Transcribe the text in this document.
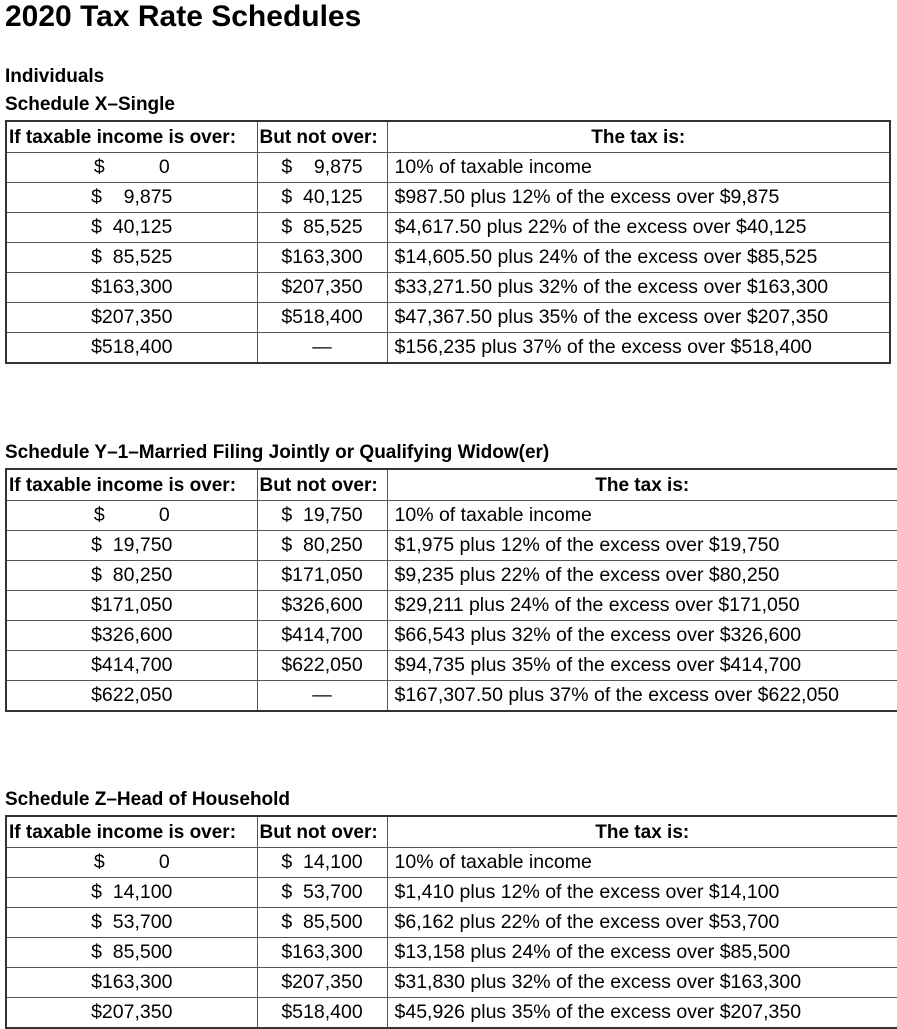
2020 Tax Rate Schedules
Individuals
Schedule X–Single
If taxable income is over:	But not over:	The tax is:
$          0	$    9,875	10% of taxable income
$    9,875	$  40,125	$987.50 plus 12% of the excess over $9,875
$  40,125	$  85,525	$4,617.50 plus 22% of the excess over $40,125
$  85,525	$163,300	$14,605.50 plus 24% of the excess over $85,525
$163,300	$207,350	$33,271.50 plus 32% of the excess over $163,300
$207,350	$518,400	$47,367.50 plus 35% of the excess over $207,350
$518,400	—	$156,235 plus 37% of the excess over $518,400
Schedule Y–1–Married Filing Jointly or Qualifying Widow(er)
If taxable income is over:	But not over:	The tax is:
$          0	$  19,750	10% of taxable income
$  19,750	$  80,250	$1,975 plus 12% of the excess over $19,750
$  80,250	$171,050	$9,235 plus 22% of the excess over $80,250
$171,050	$326,600	$29,211 plus 24% of the excess over $171,050
$326,600	$414,700	$66,543 plus 32% of the excess over $326,600
$414,700	$622,050	$94,735 plus 35% of the excess over $414,700
$622,050	—	$167,307.50 plus 37% of the excess over $622,050
Schedule Z–Head of Household
If taxable income is over:	But not over:	The tax is:
$          0	$  14,100	10% of taxable income
$  14,100	$  53,700	$1,410 plus 12% of the excess over $14,100
$  53,700	$  85,500	$6,162 plus 22% of the excess over $53,700
$  85,500	$163,300	$13,158 plus 24% of the excess over $85,500
$163,300	$207,350	$31,830 plus 32% of the excess over $163,300
$207,350	$518,400	$45,926 plus 35% of the excess over $207,350
